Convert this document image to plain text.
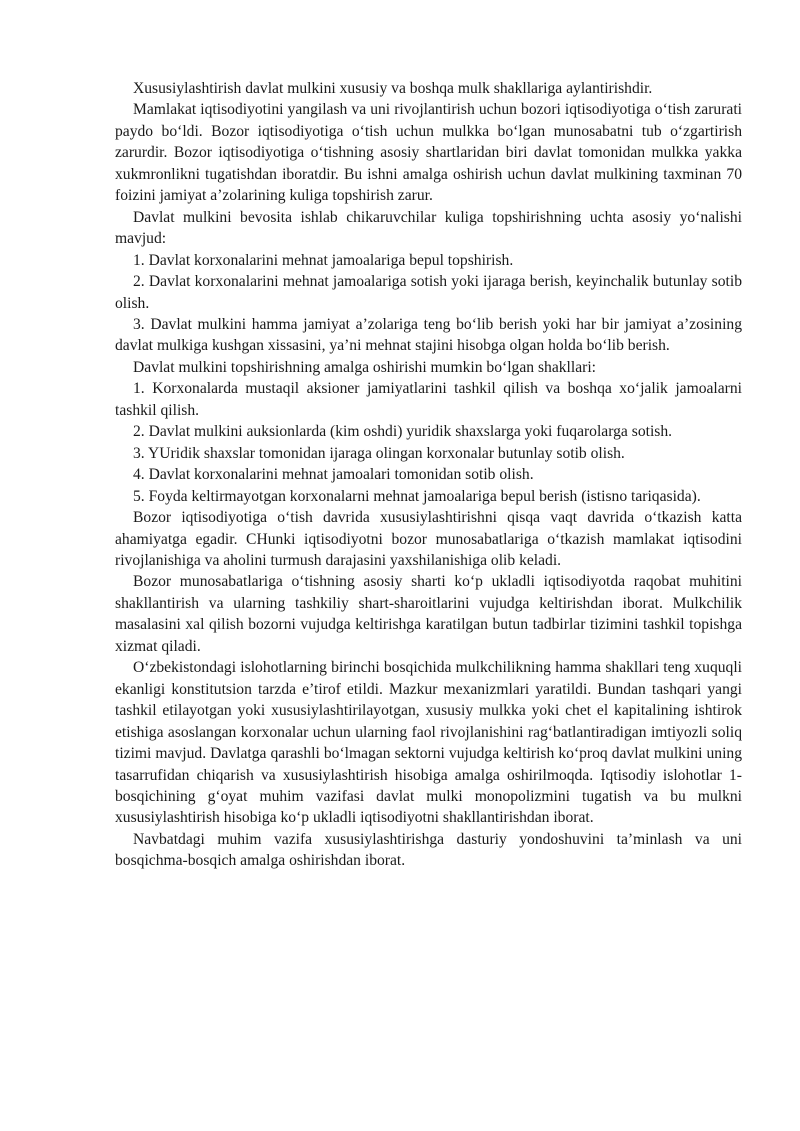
Xususiylashtirish davlat mulkini xususiy va boshqa mulk shakllariga aylantirishdir.

Mamlakat iqtisodiyotini yangilash va uni rivojlantirish uchun bozori iqtisodiyotiga o‘tish zarurati paydo bo‘ldi. Bozor iqtisodiyotiga o‘tish uchun mulkka bo‘lgan munosabatni tub o‘zgartirish zarurdir. Bozor iqtisodiyotiga o‘tishning asosiy shartlaridan biri davlat tomonidan mulkka yakka xukmronlikni tugatishdan iboratdir. Bu ishni amalga oshirish uchun davlat mulkining taxminan 70 foizini jamiyat a’zolarining kuliga topshirish zarur.

Davlat mulkini bevosita ishlab chikaruvchilar kuliga topshirishning uchta asosiy yo‘nalishi mavjud:

1. Davlat korxonalarini mehnat jamoalariga bepul topshirish.

2. Davlat korxonalarini mehnat jamoalariga sotish yoki ijaraga berish, keyinchalik butunlay sotib olish.

3. Davlat mulkini hamma jamiyat a’zolariga teng bo‘lib berish yoki har bir jamiyat a’zosining davlat mulkiga kushgan xissasini, ya’ni mehnat stajini hisobga olgan holda bo‘lib berish.

Davlat mulkini topshirishning amalga oshirishi mumkin bo‘lgan shakllari:

1. Korxonalarda mustaqil aksioner jamiyatlarini tashkil qilish va boshqa xo‘jalik jamoalarni tashkil qilish.

2. Davlat mulkini auksionlarda (kim oshdi) yuridik shaxslarga yoki fuqarolarga sotish.

3. YUridik shaxslar tomonidan ijaraga olingan korxonalar butunlay sotib olish.

4. Davlat korxonalarini mehnat jamoalari tomonidan sotib olish.

5. Foyda keltirmayotgan korxonalarni mehnat jamoalariga bepul berish (istisno tariqasida).

Bozor iqtisodiyotiga o‘tish davrida xususiylashtirishni qisqa vaqt davrida o‘tkazish katta ahamiyatga egadir. CHunki iqtisodiyotni bozor munosabatlariga o‘tkazish mamlakat iqtisodini rivojlanishiga va aholini turmush darajasini yaxshilanishiga olib keladi.

Bozor munosabatlariga o‘tishning asosiy sharti ko‘p ukladli iqtisodiyotda raqobat muhitini shakllantirish va ularning tashkiliy shart-sharoitlarini vujudga keltirishdan iborat. Mulkchilik masalasini xal qilish bozorni vujudga keltirishga karatilgan butun tadbirlar tizimini tashkil topishga xizmat qiladi.

O‘zbekistondagi islohotlarning birinchi bosqichida mulkchilikning hamma shakllari teng xuquqli ekanligi konstitutsion tarzda e’tirof etildi. Mazkur mexanizmlari yaratildi. Bundan tashqari yangi tashkil etilayotgan yoki xususiylashtirilayotgan, xususiy mulkka yoki chet el kapitalining ishtirok etishiga asoslangan korxonalar uchun ularning faol rivojlanishini rag‘batlantiradigan imtiyozli soliq tizimi mavjud. Davlatga qarashli bo‘lmagan sektorni vujudga keltirish ko‘proq davlat mulkini uning tasarrufidan chiqarish va xususiylashtirish hisobiga amalga oshirilmoqda. Iqtisodiy islohotlar 1-bosqichining g‘oyat muhim vazifasi davlat mulki monopolizmini tugatish va bu mulkni xususiylashtirish hisobiga ko‘p ukladli iqtisodiyotni shakllantirishdan iborat.

Navbatdagi muhim vazifa xususiylashtirishga dasturiy yondoshuvini ta’minlash va uni bosqichma-bosqich amalga oshirishdan iborat.
